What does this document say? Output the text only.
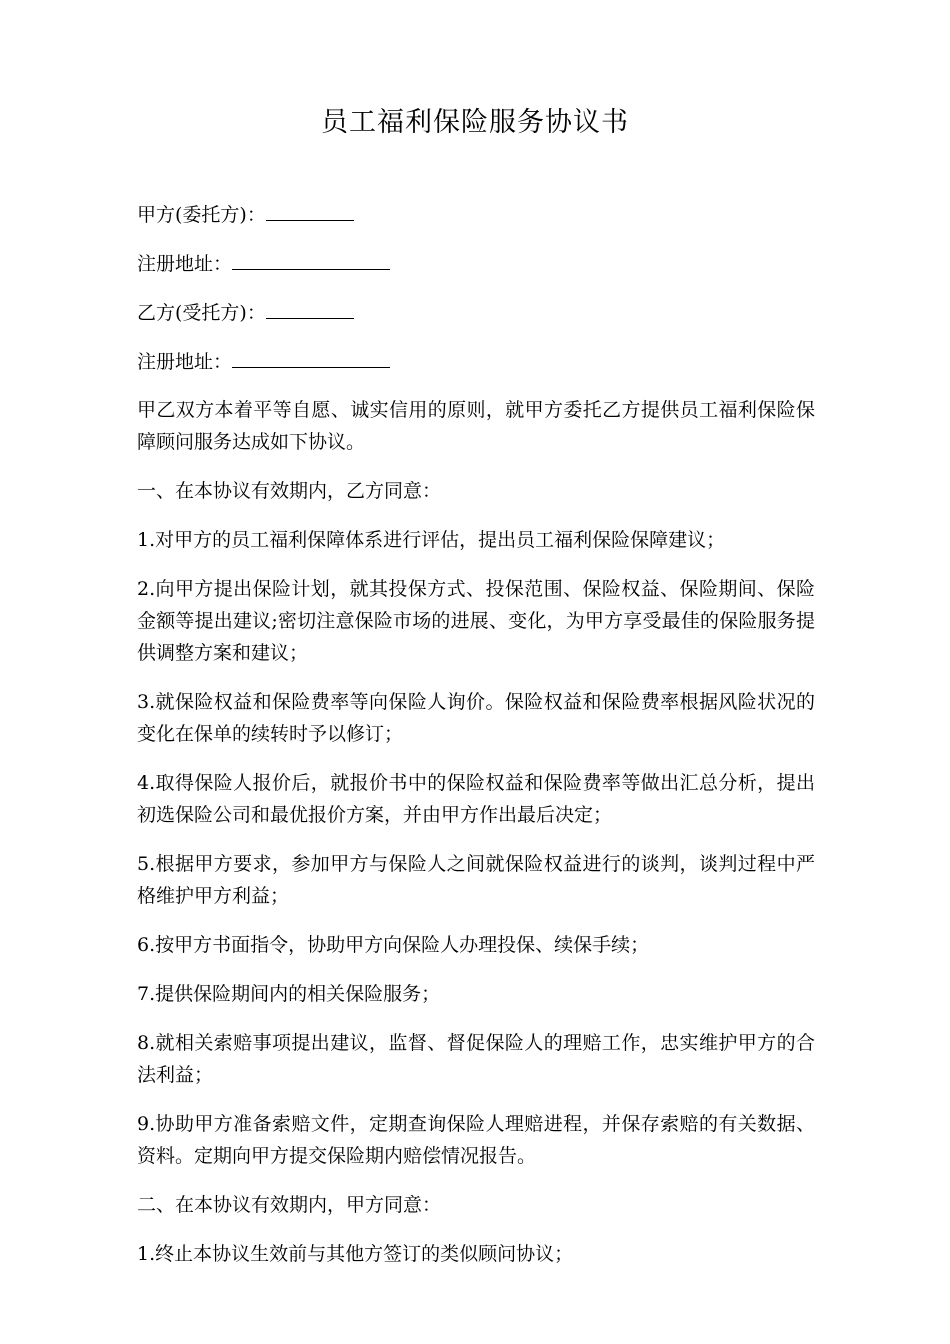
员工福利保险服务协议书

甲方(委托方)：

注册地址：

乙方(受托方)：

注册地址：

甲乙双方本着平等自愿、诚实信用的原则，就甲方委托乙方提供员工福利保险保障顾问服务达成如下协议。

一、在本协议有效期内，乙方同意：

1.对甲方的员工福利保障体系进行评估，提出员工福利保险保障建议；

2.向甲方提出保险计划，就其投保方式、投保范围、保险权益、保险期间、保险金额等提出建议;密切注意保险市场的进展、变化，为甲方享受最佳的保险服务提供调整方案和建议；

3.就保险权益和保险费率等向保险人询价。保险权益和保险费率根据风险状况的变化在保单的续转时予以修订；

4.取得保险人报价后，就报价书中的保险权益和保险费率等做出汇总分析，提出初选保险公司和最优报价方案，并由甲方作出最后决定；

5.根据甲方要求，参加甲方与保险人之间就保险权益进行的谈判，谈判过程中严格维护甲方利益；

6.按甲方书面指令，协助甲方向保险人办理投保、续保手续；

7.提供保险期间内的相关保险服务；

8.就相关索赔事项提出建议，监督、督促保险人的理赔工作，忠实维护甲方的合法利益；

9.协助甲方准备索赔文件，定期查询保险人理赔进程，并保存索赔的有关数据、资料。定期向甲方提交保险期内赔偿情况报告。

二、在本协议有效期内，甲方同意：

1.终止本协议生效前与其他方签订的类似顾问协议；
